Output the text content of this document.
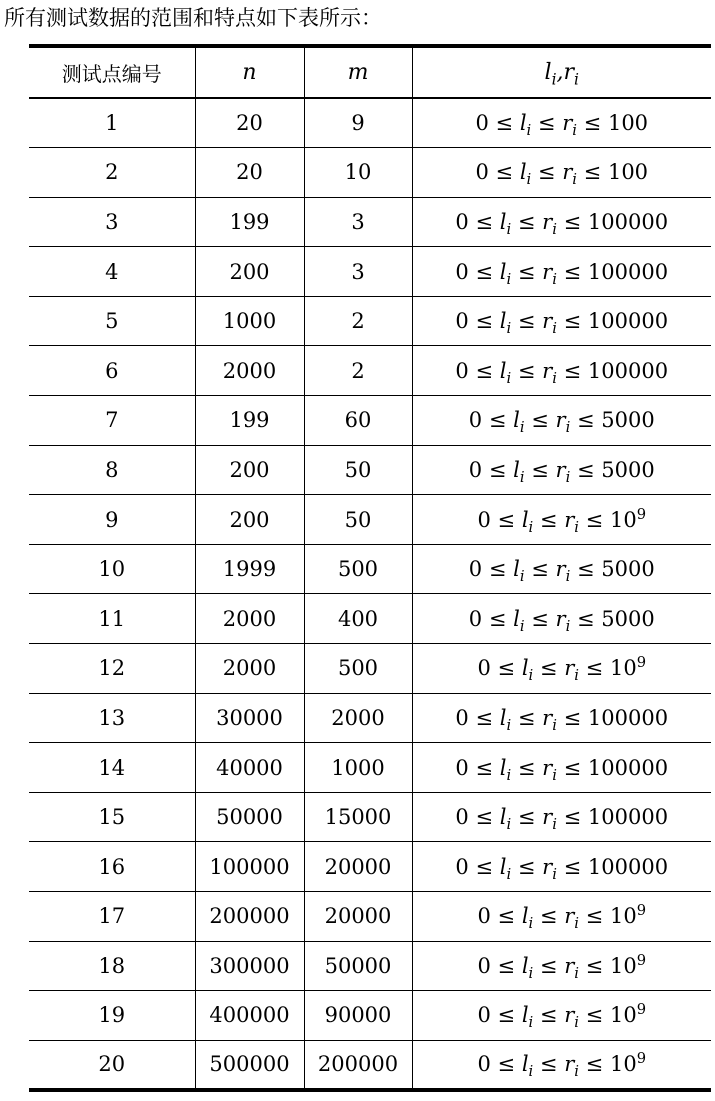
所有测试数据的范围和特点如下表所示：
测试点编号	n	m	$l_i,r_i$
1	20	9	$0 \le l_i \le r_i \le 100$
2	20	10	$0 \le l_i \le r_i \le 100$
3	199	3	$0 \le l_i \le r_i \le 100000$
4	200	3	$0 \le l_i \le r_i \le 100000$
5	1000	2	$0 \le l_i \le r_i \le 100000$
6	2000	2	$0 \le l_i \le r_i \le 100000$
7	199	60	$0 \le l_i \le r_i \le 5000$
8	200	50	$0 \le l_i \le r_i \le 5000$
9	200	50	$0 \le l_i \le r_i \le 10^9$
10	1999	500	$0 \le l_i \le r_i \le 5000$
11	2000	400	$0 \le l_i \le r_i \le 5000$
12	2000	500	$0 \le l_i \le r_i \le 10^9$
13	30000	2000	$0 \le l_i \le r_i \le 100000$
14	40000	1000	$0 \le l_i \le r_i \le 100000$
15	50000	15000	$0 \le l_i \le r_i \le 100000$
16	100000	20000	$0 \le l_i \le r_i \le 100000$
17	200000	20000	$0 \le l_i \le r_i \le 10^9$
18	300000	50000	$0 \le l_i \le r_i \le 10^9$
19	400000	90000	$0 \le l_i \le r_i \le 10^9$
20	500000	200000	$0 \le l_i \le r_i \le 10^9$
